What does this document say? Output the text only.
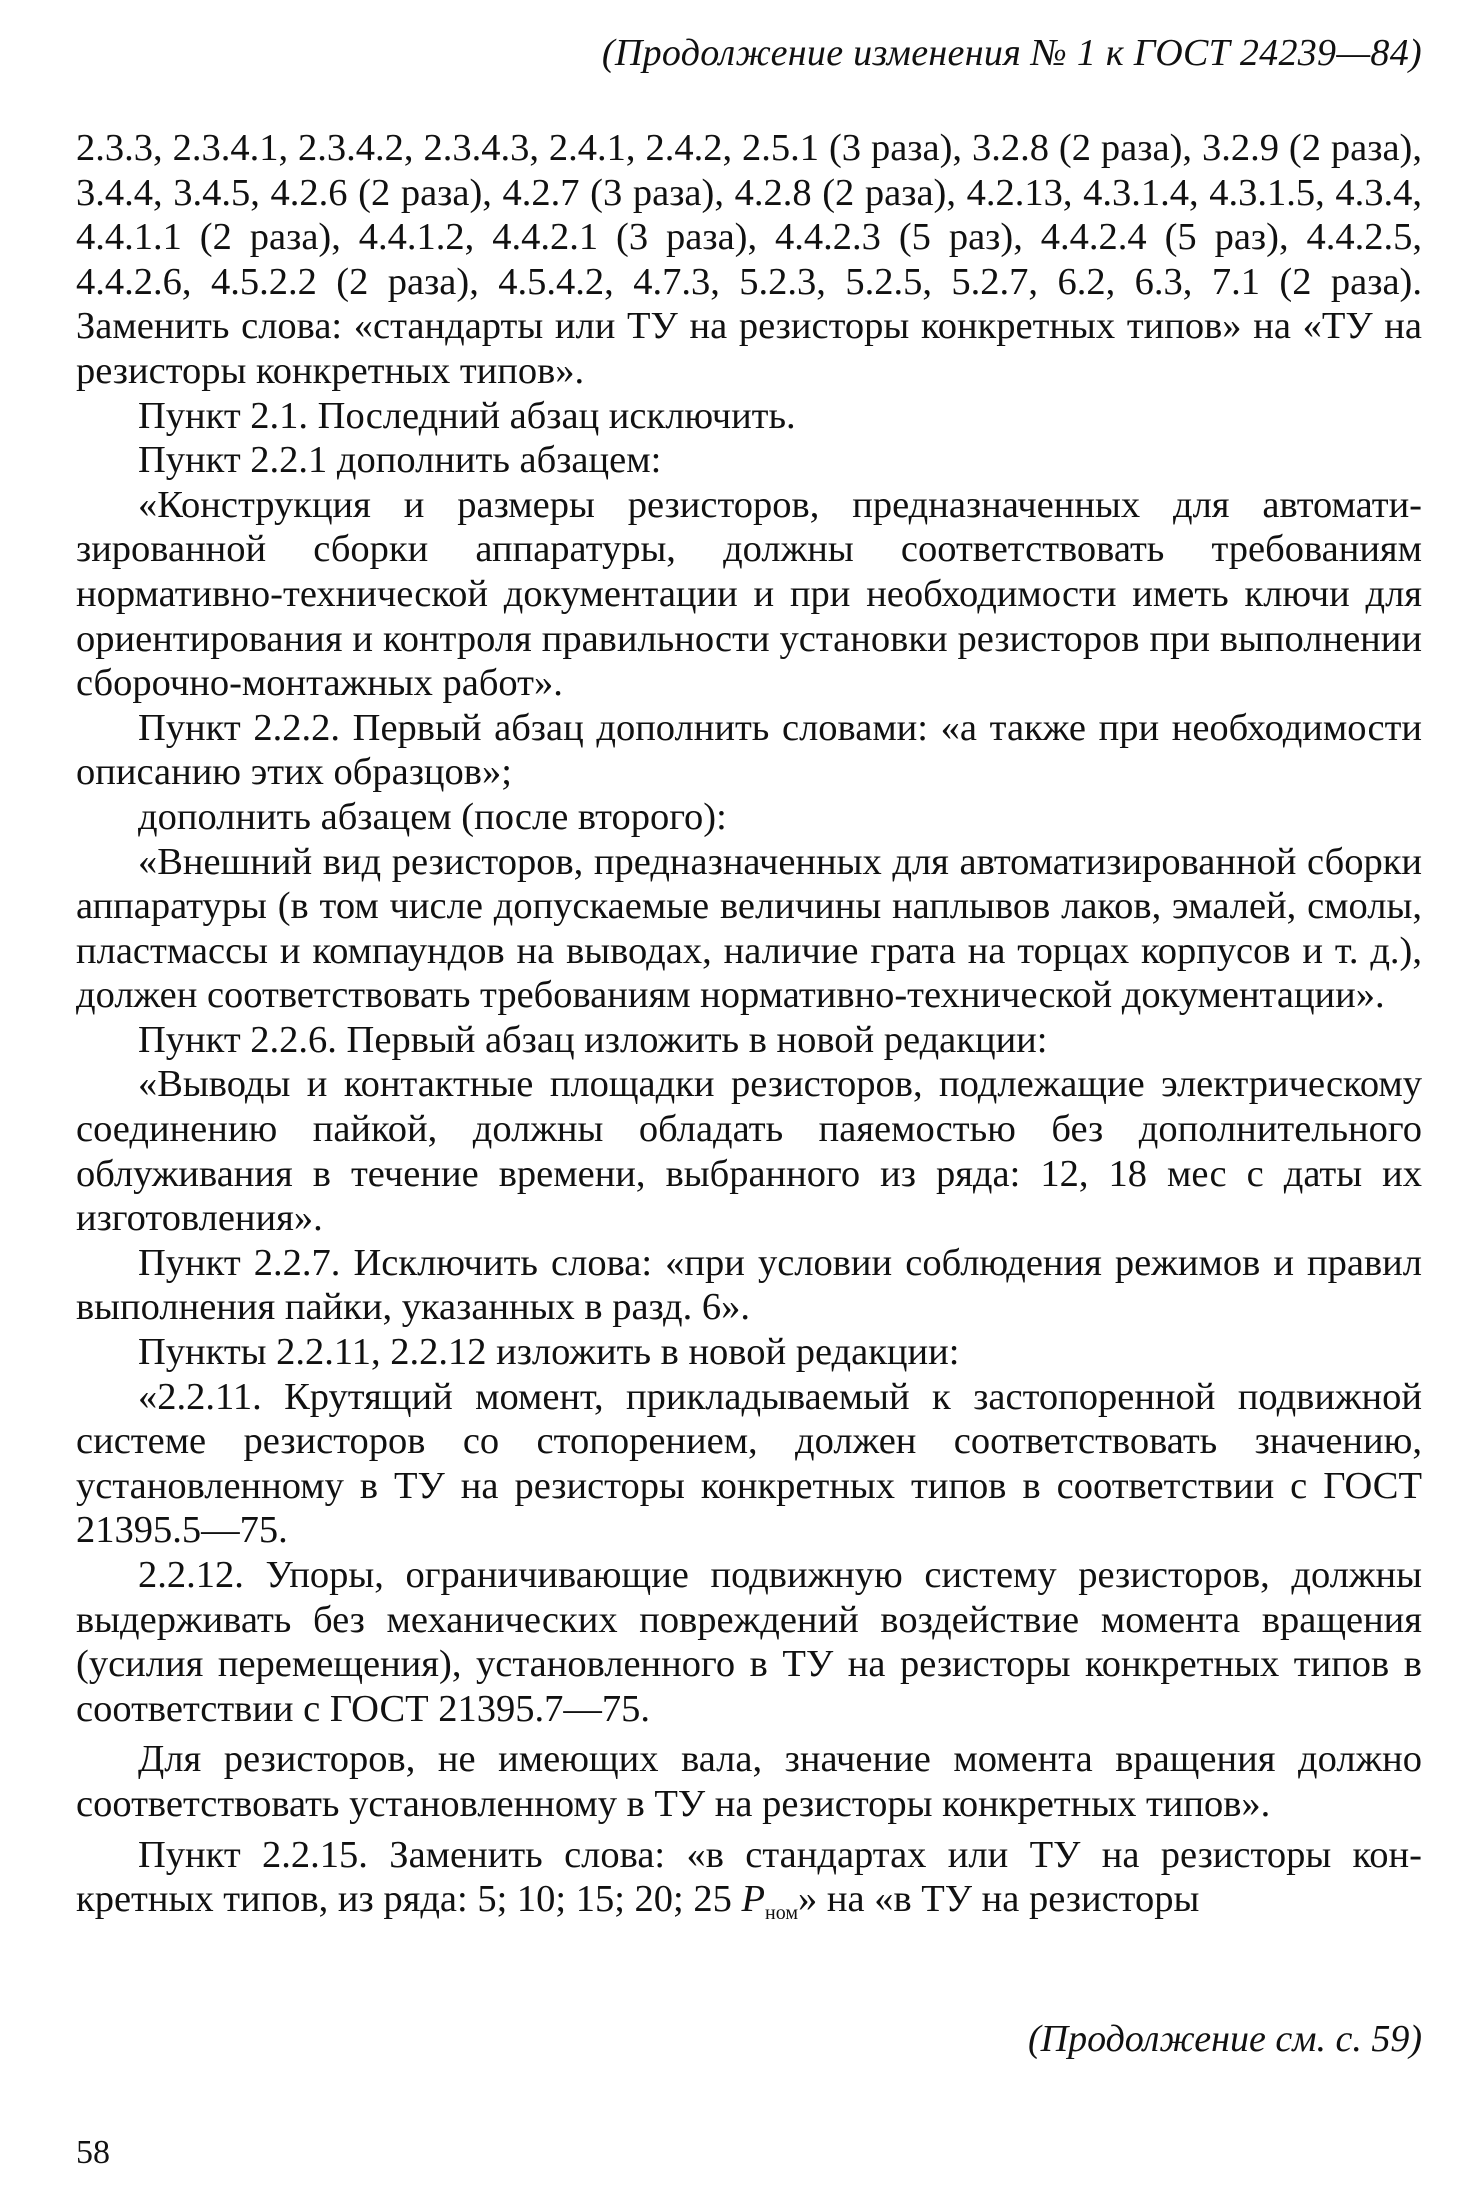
(Продолжение изменения № 1 к ГОСТ 24239—84)

2.3.3, 2.3.4.1, 2.3.4.2, 2.3.4.3, 2.4.1, 2.4.2, 2.5.1 (3 раза), 3.2.8 (2 раза), 3.2.9 (2 раза), 3.4.4, 3.4.5, 4.2.6 (2 раза), 4.2.7 (3 раза), 4.2.8 (2 раза), 4.2.13, 4.3.1.4, 4.3.1.5, 4.3.4, 4.4.1.1 (2 раза), 4.4.1.2, 4.4.2.1 (3 раза), 4.4.2.3 (5 раз), 4.4.2.4 (5 раз), 4.4.2.5, 4.4.2.6, 4.5.2.2 (2 раза), 4.5.4.2, 4.7.3, 5.2.3, 5.2.5, 5.2.7, 6.2, 6.3, 7.1 (2 раза). Заменить слова: «стандарты или ТУ на резисторы конкретных типов» на «ТУ на резисторы конкретных типов».

Пункт 2.1. Последний абзац исключить.

Пункт 2.2.1 дополнить абзацем:

«Конструкция и размеры резисторов, предназначенных для автоматизированной сборки аппаратуры, должны соответствовать требованиям нормативно-технической документации и при необходимости иметь ключи для ориентирования и контроля правильности установки резисторов при выполнении сборочно-монтажных работ».

Пункт 2.2.2. Первый абзац дополнить словами: «а также при необходимости описанию этих образцов»;

дополнить абзацем (после второго):

«Внешний вид резисторов, предназначенных для автоматизированной сборки аппаратуры (в том числе допускаемые величины наплывов лаков, эмалей, смолы, пластмассы и компаундов на выводах, наличие грата на торцах корпусов и т. д.), должен соответствовать требованиям нормативно-технической документации».

Пункт 2.2.6. Первый абзац изложить в новой редакции:

«Выводы и контактные площадки резисторов, подлежащие электрическому соединению пайкой, должны обладать паяемостью без дополнительного облуживания в течение времени, выбранного из ряда: 12, 18 мес с даты их изготовления».

Пункт 2.2.7. Исключить слова: «при условии соблюдения режимов и правил выполнения пайки, указанных в разд. 6».

Пункты 2.2.11, 2.2.12 изложить в новой редакции:

«2.2.11. Крутящий момент, прикладываемый к застопоренной подвижной системе резисторов со стопорением, должен соответствовать значению, установленному в ТУ на резисторы конкретных типов в соответствии с ГОСТ 21395.5—75.

2.2.12. Упоры, ограничивающие подвижную систему резисторов, должны выдерживать без механических повреждений воздействие момента вращения (усилия перемещения), установленного в ТУ на резисторы конкретных типов в соответствии с ГОСТ 21395.7—75.

Для резисторов, не имеющих вала, значение момента вращения должно соответствовать установленному в ТУ на резисторы конкретных типов».

Пункт 2.2.15. Заменить слова: «в стандартах или ТУ на резисторы конкретных типов, из ряда: 5; 10; 15; 20; 25 $P_{ном}$» на «в ТУ на резисторы

(Продолжение см. с. 59)
58
